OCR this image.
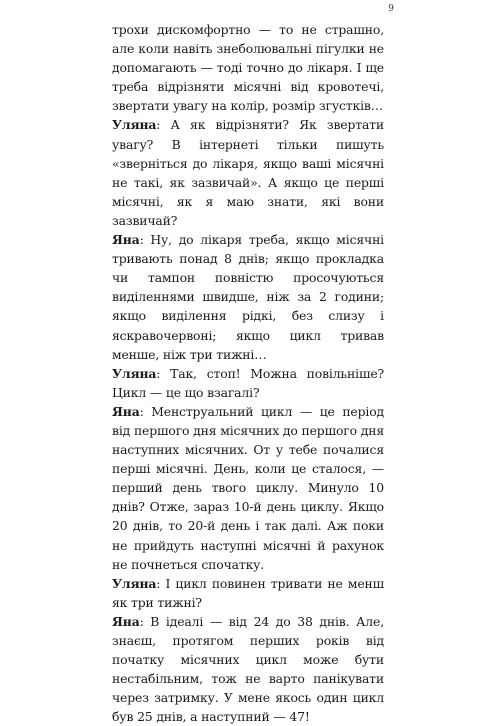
9

трохи дискомфортно — то не страшно, але коли навіть знеболювальні пігулки не допомагають — тоді точно до лікаря. І ще треба відрізняти місячні від кровотечі, звертати увагу на колір, розмір згустків…

Уляна: А як відрізняти? Як звертати увагу? В інтернеті тільки пишуть «зверніться до лікаря, якщо ваші місячні не такі, як зазвичай». А якщо це перші місячні, як я маю знати, які вони зазвичай?

Яна: Ну, до лікаря треба, якщо місячні тривають понад 8 днів; якщо прокладка чи тампон повністю просочуються виділеннями швидше, ніж за 2 години; якщо виділення рідкі, без слизу і яскравочервоні; якщо цикл тривав менше, ніж три тижні…

Уляна: Так, стоп! Можна повільніше? Цикл — це що взагалі?

Яна: Менструальний цикл — це період від першого дня місячних до першого дня наступних місячних. От у тебе почалися перші місячні. День, коли це сталося, — перший день твого циклу. Минуло 10 днів? Отже, зараз 10-й день циклу. Якщо 20 днів, то 20-й день і так далі. Аж поки не прийдуть наступні місячні й рахунок не почнеться спочатку.

Уляна: І цикл повинен тривати не менш як три тижні?

Яна: В ідеалі — від 24 до 38 днів. Але, знаєш, протягом перших років від початку місячних цикл може бути нестабільним, тож не варто панікувати через затримку. У мене якось один цикл був 25 днів, а наступний — 47!
